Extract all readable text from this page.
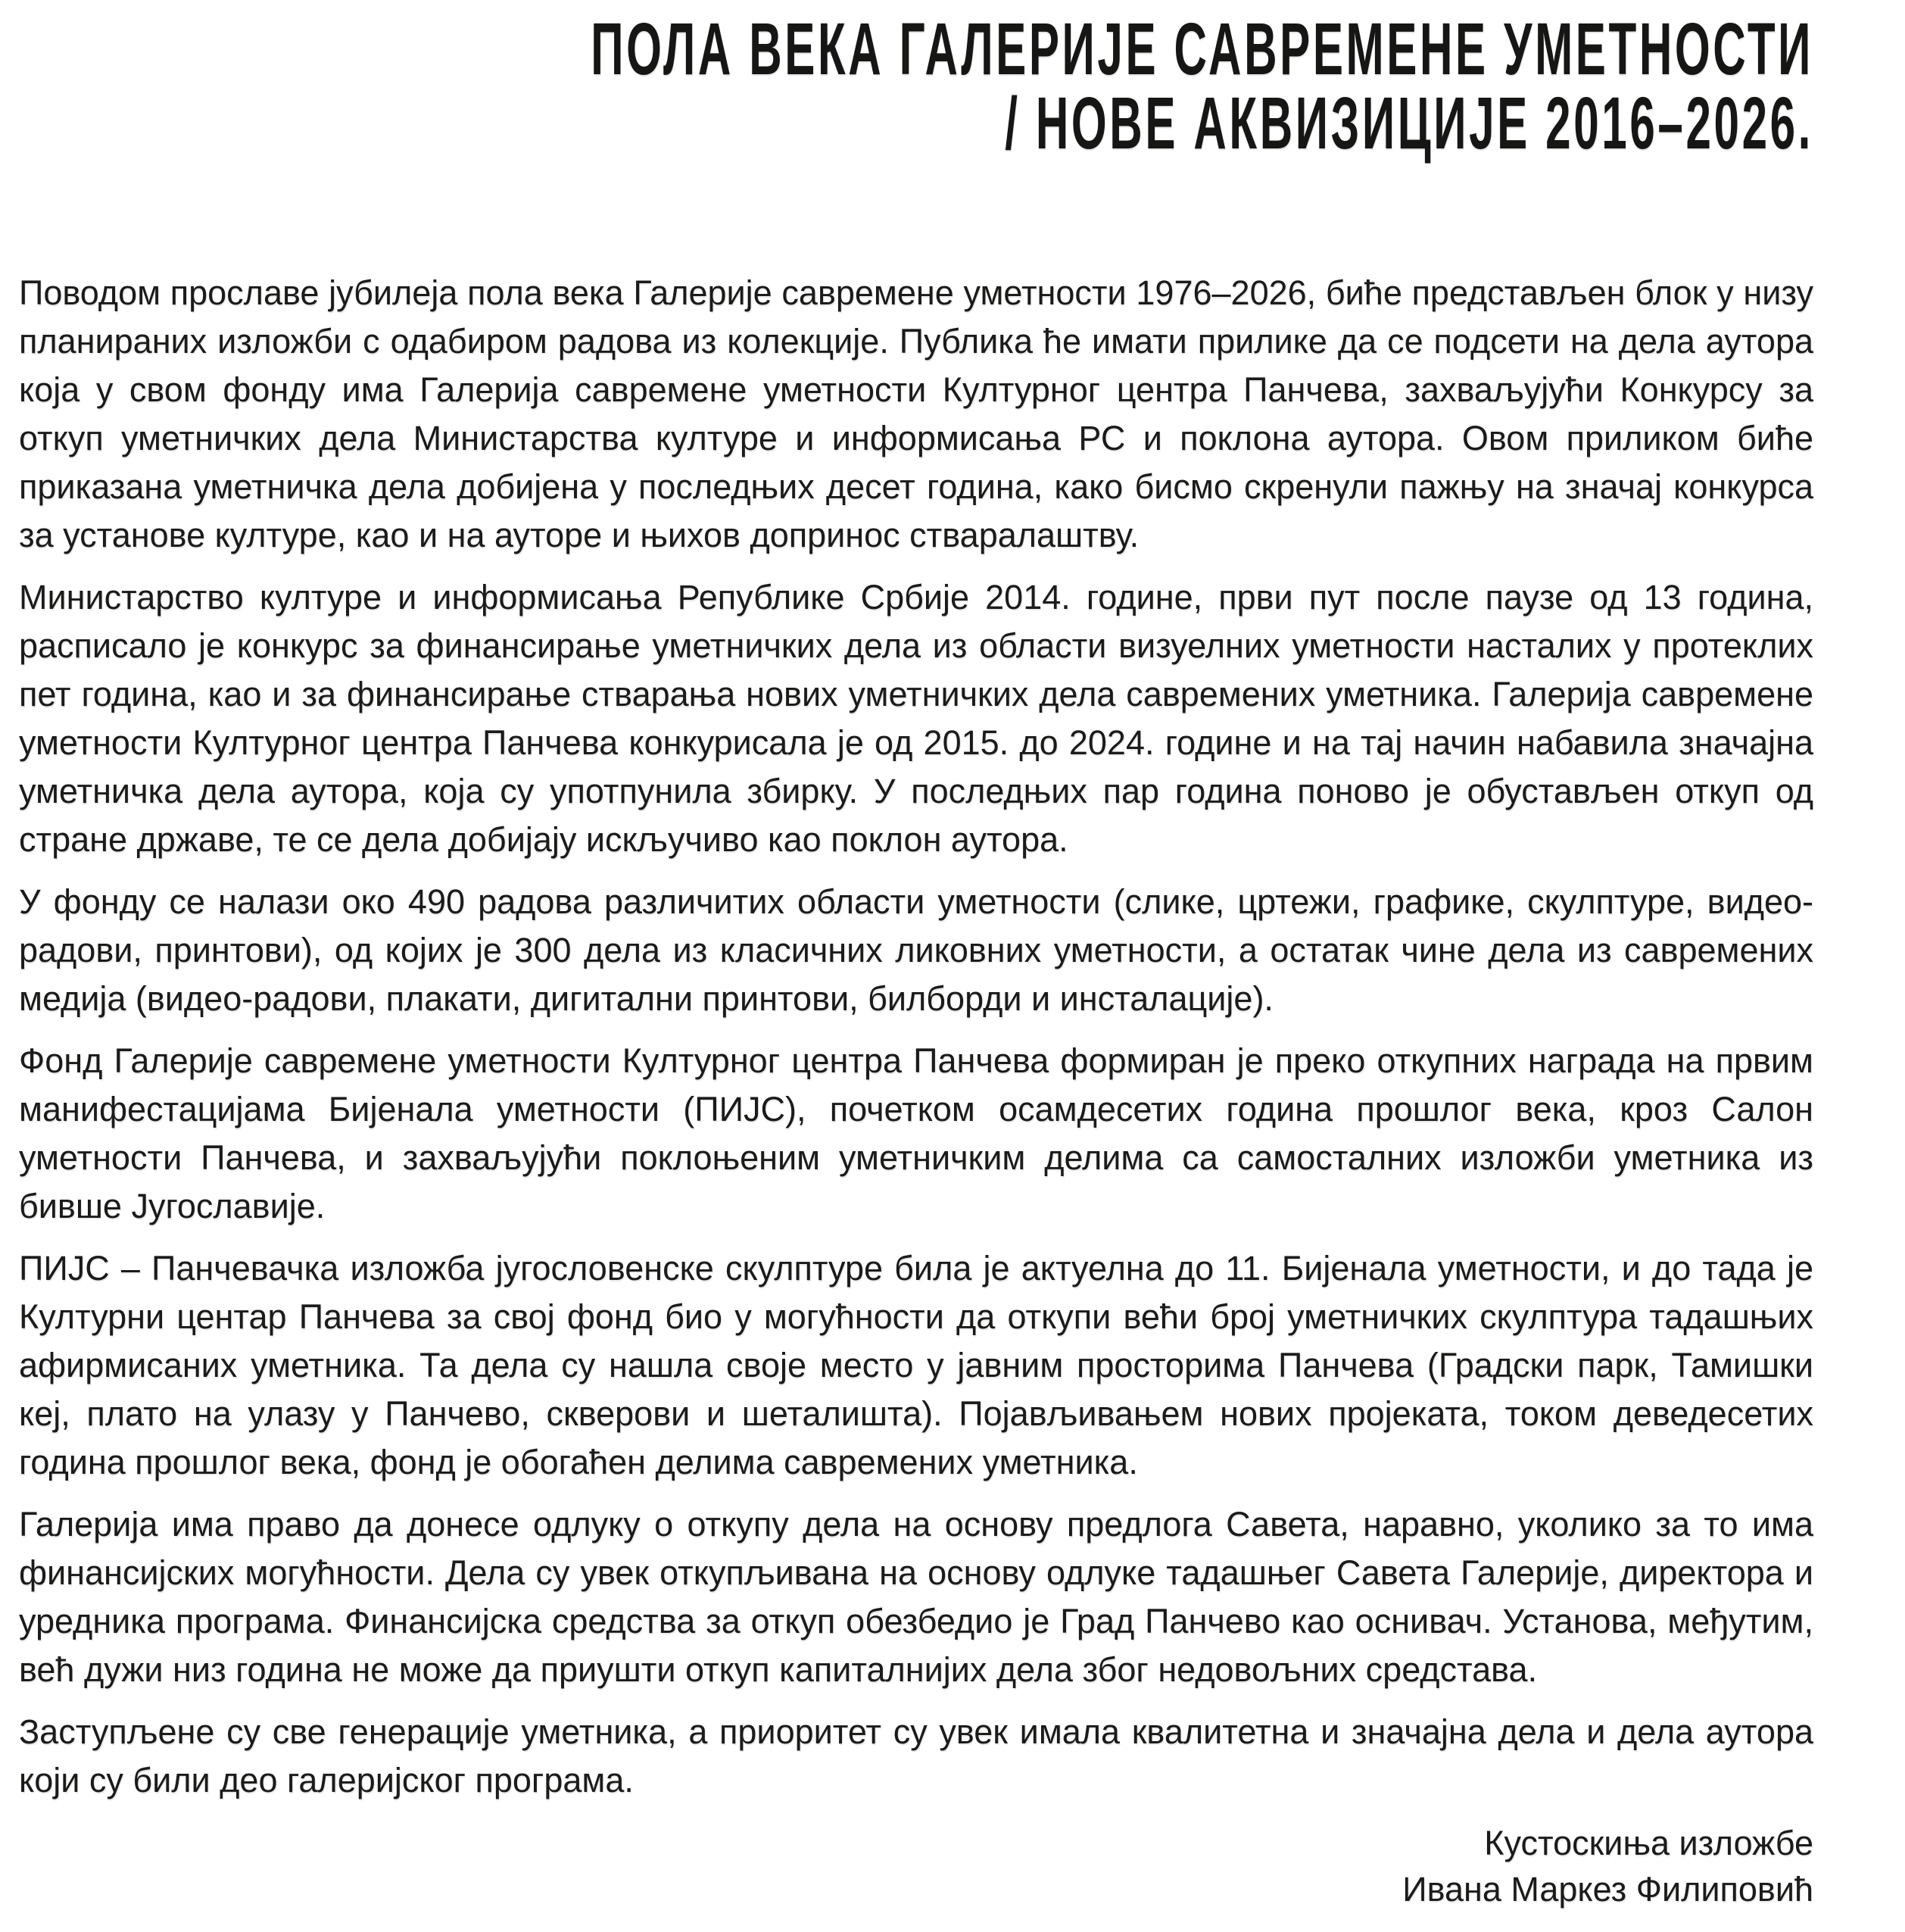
ПОЛА ВЕКА ГАЛЕРИЈЕ САВРЕМЕНЕ УМЕТНОСТИ
/ НОВЕ АКВИЗИЦИЈЕ 2016–2026.

Поводом прославе јубилеја пола века Галерије савремене уметности 1976–2026, биће представљен блок у низу планираних изложби с одабиром радова из колекције. Публика ће имати прилике да се подсети на дела аутора која у свом фонду има Галерија савремене уметности Културног центра Панчева, захваљујући Конкурсу за откуп уметничких дела Министарства културе и информисања РС и поклона аутора. Овом приликом биће приказана уметничка дела добијена у последњих десет година, како бисмо скренули пажњу на значај конкурса за установе културе, као и на ауторе и њихов допринос стваралаштву.

Министарство културе и информисања Републике Србије 2014. године, први пут после паузе од 13 година, расписало је конкурс за финансирање уметничких дела из области визуелних уметности насталих у протеклих пет година, као и за финансирање стварања нових уметничких дела савремених уметника. Галерија савремене уметности Културног центра Панчева конкурисала је од 2015. до 2024. године и на тај начин набавила значајна уметничка дела аутора, која су употпунила збирку. У последњих пар година поново је обустављен откуп од стране државе, те се дела добијају искључиво као поклон аутора.

У фонду се налази око 490 радова различитих области уметности (слике, цртежи, графике, скулптуре, видео-радови, принтови), од којих је 300 дела из класичних ликовних уметности, а остатак чине дела из савремених медија (видео-радови, плакати, дигитални принтови, билборди и инсталације).

Фонд Галерије савремене уметности Културног центра Панчева формиран је преко откупних награда на првим манифестацијама Бијенала уметности (ПИЈС), почетком осамдесетих година прошлог века, кроз Салон уметности Панчева, и захваљујући поклоњеним уметничким делима са самосталних изложби уметника из бивше Југославије.

ПИЈС – Панчевачка изложба југословенске скулптуре била је актуелна до 11. Бијенала уметности, и до тада је Културни центар Панчева за свој фонд био у могућности да откупи већи број уметничких скулптура тадашњих афирмисаних уметника. Та дела су нашла своје место у јавним просторима Панчева (Градски парк, Тамишки кеј, плато на улазу у Панчево, скверови и шеталишта). Појављивањем нових пројеката, током деведесетих година прошлог века, фонд је обогаћен делима савремених уметника.

Галерија има право да донесе одлуку о откупу дела на основу предлога Савета, наравно, уколико за то има финансијских могућности. Дела су увек откупљивана на основу одлуке тадашњег Савета Галерије, директора и уредника програма. Финансијска средства за откуп обезбедио је Град Панчево као оснивач. Установа, међутим, већ дужи низ година не може да приушти откуп капиталнијих дела због недовољних средстава.

Заступљене су све генерације уметника, а приоритет су увек имала квалитетна и значајна дела и дела аутора који су били део галеријског програма.

Кустоскиња изложбе
Ивана Маркез Филиповић
